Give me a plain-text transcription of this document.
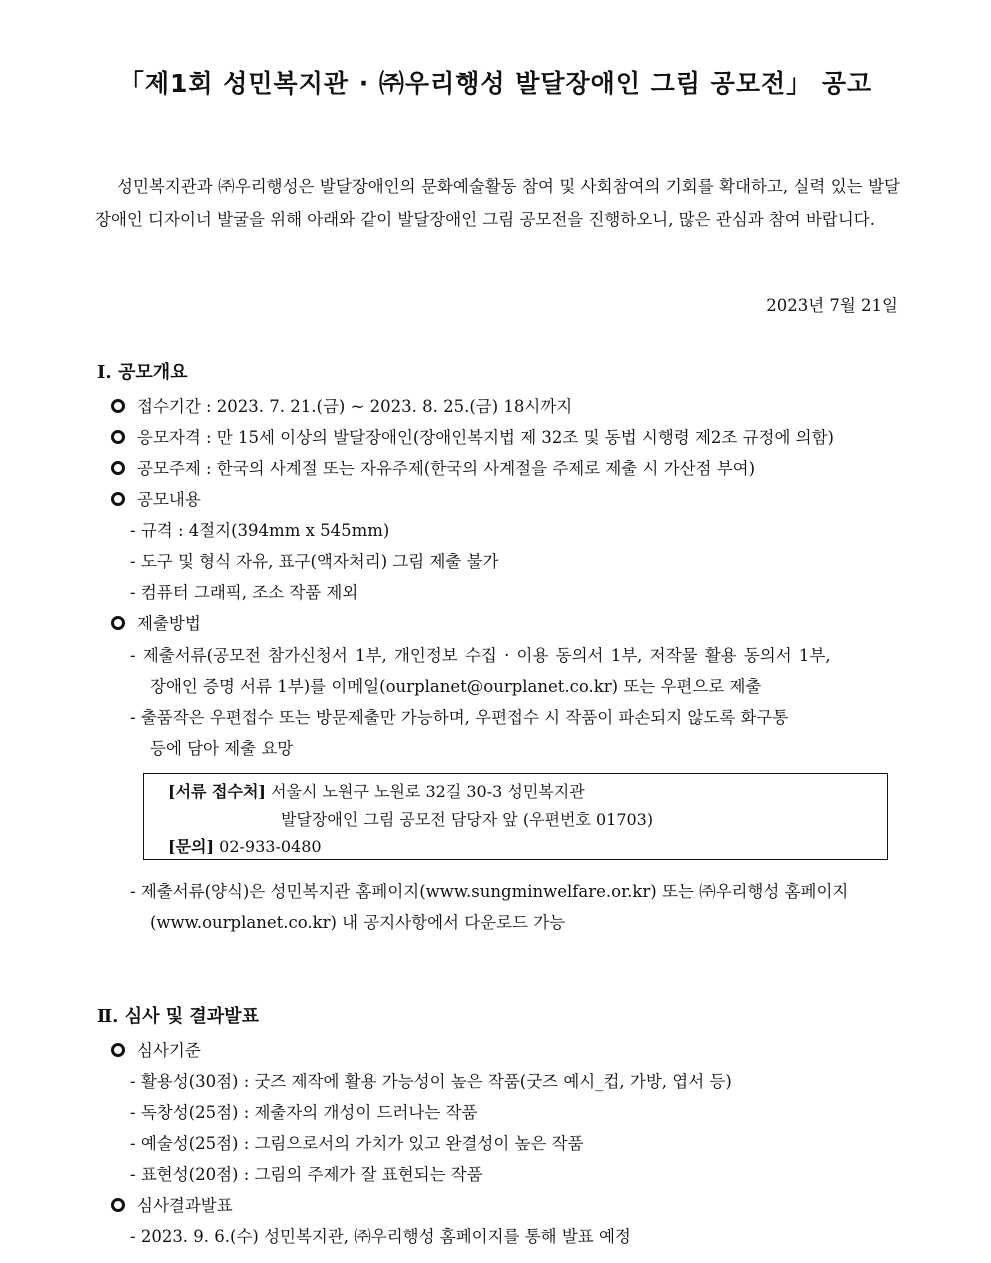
「제1회 성민복지관 · ㈜우리행성 발달장애인 그림 공모전」 공고
성민복지관과 ㈜우리행성은 발달장애인의 문화예술활동 참여 및 사회참여의 기회를 확대하고, 실력 있는 발달장애인 디자이너 발굴을 위해 아래와 같이 발달장애인 그림 공모전을 진행하오니, 많은 관심과 참여 바랍니다.
2023년 7월 21일
Ⅰ. 공모개요
접수기간 : 2023. 7. 21.(금) ~ 2023. 8. 25.(금) 18시까지
응모자격 : 만 15세 이상의 발달장애인(장애인복지법 제 32조 및 동법 시행령 제2조 규정에 의함)
공모주제 : 한국의 사계절 또는 자유주제(한국의 사계절을 주제로 제출 시 가산점 부여)
공모내용
- 규격 : 4절지(394mm x 545mm)
- 도구 및 형식 자유, 표구(액자처리) 그림 제출 불가
- 컴퓨터 그래픽, 조소 작품 제외
제출방법
- 제출서류(공모전 참가신청서 1부, 개인정보 수집 · 이용 동의서 1부, 저작물 활용 동의서 1부,
장애인 증명 서류 1부)를 이메일(ourplanet@ourplanet.co.kr) 또는 우편으로 제출
- 출품작은 우편접수 또는 방문제출만 가능하며, 우편접수 시 작품이 파손되지 않도록 화구통
등에 담아 제출 요망
[서류 접수처] 서울시 노원구 노원로 32길 30-3 성민복지관
발달장애인 그림 공모전 담당자 앞 (우편번호 01703)
[문의] 02-933-0480
- 제출서류(양식)은 성민복지관 홈페이지(www.sungminwelfare.or.kr) 또는 ㈜우리행성 홈페이지
(www.ourplanet.co.kr) 내 공지사항에서 다운로드 가능
Ⅱ. 심사 및 결과발표
심사기준
- 활용성(30점) : 굿즈 제작에 활용 가능성이 높은 작품(굿즈 예시_컵, 가방, 엽서 등)
- 독창성(25점) : 제출자의 개성이 드러나는 작품
- 예술성(25점) : 그림으로서의 가치가 있고 완결성이 높은 작품
- 표현성(20점) : 그림의 주제가 잘 표현되는 작품
심사결과발표
- 2023. 9. 6.(수) 성민복지관, ㈜우리행성 홈페이지를 통해 발표 예정
